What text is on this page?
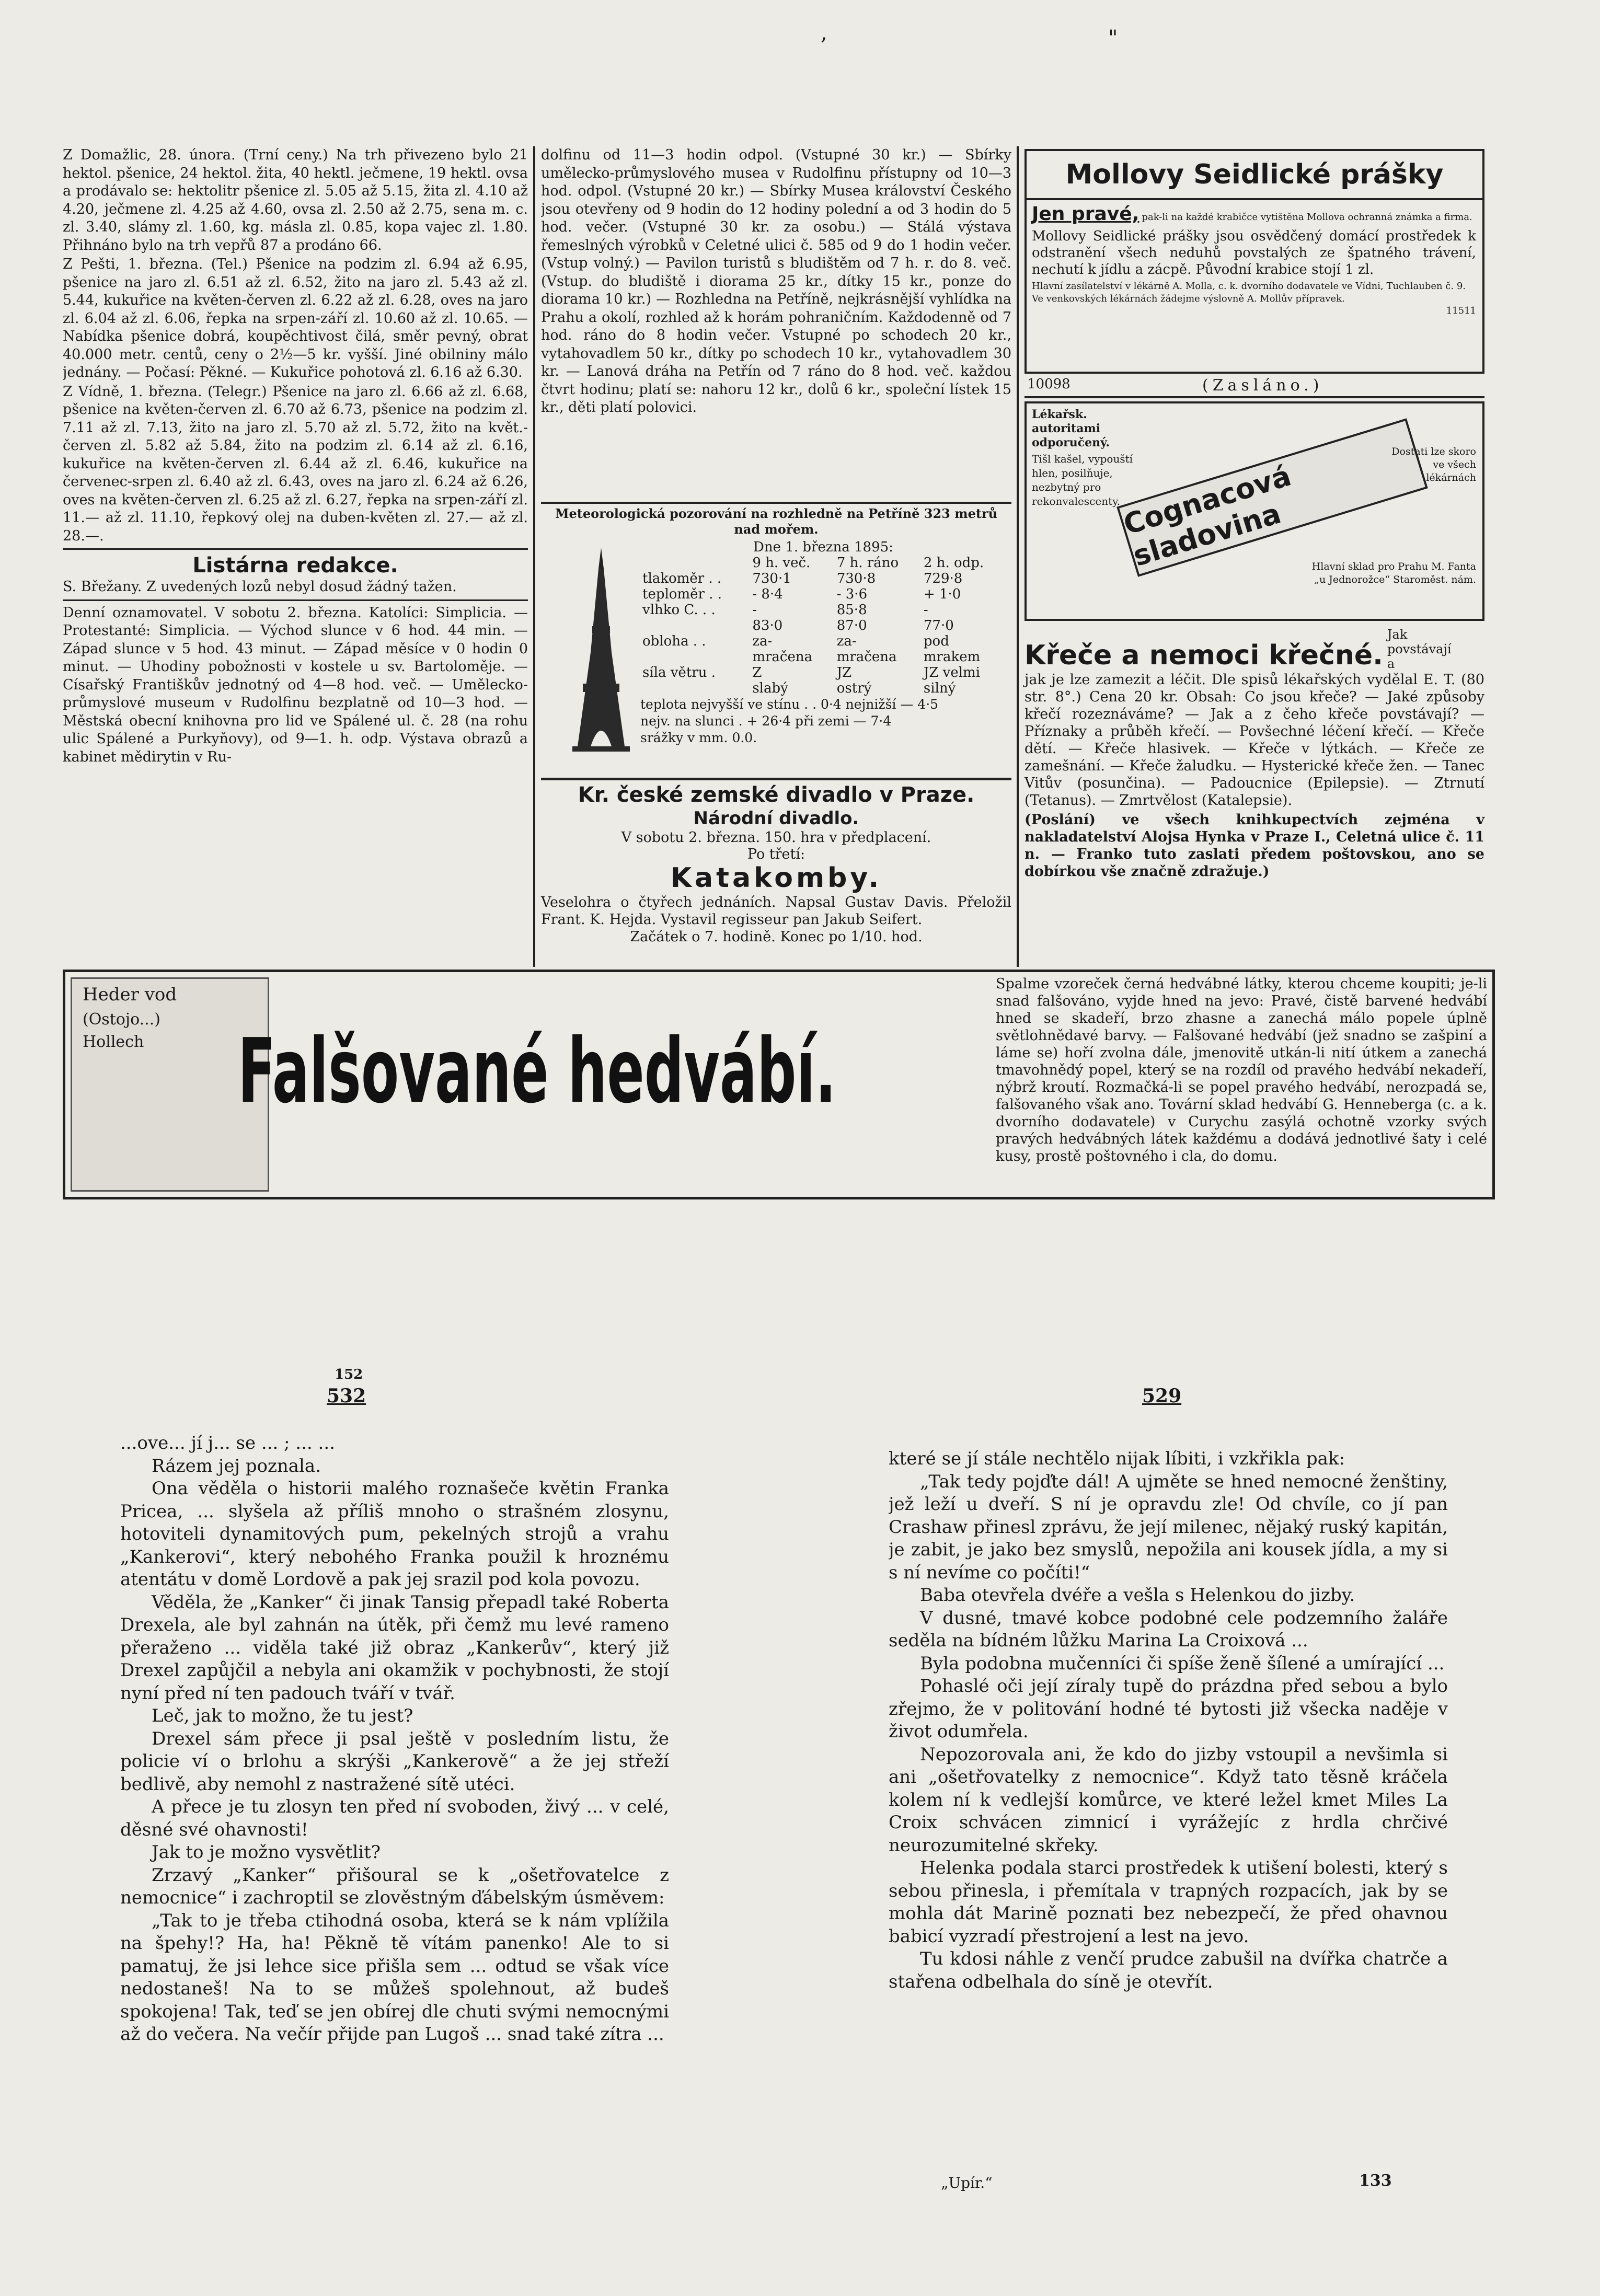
,	"

Z Domažlic, 28. února. (Trní ceny.) Na trh přivezeno bylo 21 hektol. pšenice, 24 hektol. žita, 40 hektl. ječmene, 19 hektl. ovsa a prodávalo se: hektolitr pšenice zl. 5.05 až 5.15, žita zl. 4.10 až 4.20, ječmene zl. 4.25 až 4.60, ovsa zl. 2.50 až 2.75, sena m. c. zl. 3.40, slámy zl. 1.60, kg. másla zl. 0.85, kopa vajec zl. 1.80. Přihnáno bylo na trh vepřů 87 a prodáno 66.

Z Pešti, 1. března. (Tel.) Pšenice na podzim zl. 6.94 až 6.95, pšenice na jaro zl. 6.51 až zl. 6.52, žito na jaro zl. 5.43 až zl. 5.44, kukuřice na květen-červen zl. 6.22 až zl. 6.28, oves na jaro zl. 6.04 až zl. 6.06, řepka na srpen-září zl. 10.60 až zl. 10.65. — Nabídka pšenice dobrá, koupěchtivost čilá, směr pevný, obrat 40.000 metr. centů, ceny o 2½—5 kr. vyšší. Jiné obilniny málo jednány. — Počasí: Pěkné. — Kukuřice pohotová zl. 6.16 až 6.30.

Z Vídně, 1. března. (Telegr.) Pšenice na jaro zl. 6.66 až zl. 6.68, pšenice na květen-červen zl. 6.70 až 6.73, pšenice na podzim zl. 7.11 až zl. 7.13, žito na jaro zl. 5.70 až zl. 5.72, žito na květ.-červen zl. 5.82 až 5.84, žito na podzim zl. 6.14 až zl. 6.16, kukuřice na květen-červen zl. 6.44 až zl. 6.46, kukuřice na červenec-srpen zl. 6.40 až zl. 6.43, oves na jaro zl. 6.24 až 6.26, oves na květen-červen zl. 6.25 až zl. 6.27, řepka na srpen-září zl. 11.— až zl. 11.10, řepkový olej na duben-květen zl. 27.— až zl. 28.—.

Listárna redakce.

S. Břežany. Z uvedených lozů nebyl dosud žádný tažen.

Denní oznamovatel. V sobotu 2. března. Katolíci: Simplicia. — Protestanté: Simplicia. — Východ slunce v 6 hod. 44 min. — Západ slunce v 5 hod. 43 minut. — Západ měsíce v 0 hodin 0 minut. — Uhodiny pobožnosti v kostele u sv. Bartoloměje. — Císařský Františkův jednotný od 4—8 hod. več. — Umělecko-průmyslové museum v Rudolfinu bezplatně od 10—3 hod. — Městská obecní knihovna pro lid ve Spálené ul. č. 28 (na rohu ulic Spálené a Purkyňovy), od 9—1. h. odp. Výstava obrazů a kabinet mědirytin v Ru-

dolfinu od 11—3 hodin odpol. (Vstupné 30 kr.) — Sbírky umělecko-průmyslového musea v Rudolfinu přístupny od 10—3 hod. odpol. (Vstupné 20 kr.) — Sbírky Musea království Českého jsou otevřeny od 9 hodin do 12 hodiny polední a od 3 hodin do 5 hod. večer. (Vstupné 30 kr. za osobu.) — Stálá výstava řemeslných výrobků v Celetné ulici č. 585 od 9 do 1 hodin večer. (Vstup volný.) — Pavilon turistů s bludištěm od 7 h. r. do 8. več. (Vstup. do bludiště i diorama 25 kr., dítky 15 kr., ponze do diorama 10 kr.) — Rozhledna na Petříně, nejkrásnější vyhlídka na Prahu a okolí, rozhled až k horám pohraničním. Každodenně od 7 hod. ráno do 8 hodin večer. Vstupné po schodech 20 kr., vytahovadlem 50 kr., dítky po schodech 10 kr., vytahovadlem 30 kr. — Lanová dráha na Petřín od 7 ráno do 8 hod. več. každou čtvrt hodinu; platí se: nahoru 12 kr., dolů 6 kr., společní lístek 15 kr., děti platí polovici.

Meteorologická pozorování na rozhledně na Petříně 323 metrů nad mořem.
Dne 1. března 1895:
	9 h. več.	7 h. ráno	2 h. odp.
tlakoměr . .	730·1	730·8	729·8
teploměr . .	- 8·4	- 3·6	+ 1·0
vlhko C. . .	-	85·8	-
	83·0	87·0	77·0
obloha . .	za-	za-	pod
	mračena	mračena	mrakem
síla větru .	Z	JZ	JZ velmi
	slabý	ostrý	silný
teplota nejvyšší ve stínu . . 0·4 nejnižší — 4·5
nejv. na slunci . + 26·4 při zemi — 7·4
srážky v mm. 0.0.
Kr. české zemské divadlo v Praze.
Národní divadlo.
V sobotu 2. března. 150. hra v předplacení.
Po třetí:
Katakomby.
Veselohra o čtyřech jednáních. Napsal Gustav Davis. Přeložil Frant. K. Hejda. Vystavil regisseur pan Jakub Seifert.
Začátek o 7. hodině. Konec po 1/10. hod.
Mollovy Seidlické prášky
Jen pravé, pak-li na každé krabičce vytištěna Mollova ochranná známka a firma.
Mollovy Seidlické prášky jsou osvědčený domácí prostředek k odstranění všech neduhů povstalých ze špatného trávení, nechutí k jídlu a zácpě. Původní krabice stojí 1 zl.
Hlavní zasílatelství v lékárně A. Molla, c. k. dvorního dodavatele ve Vídni, Tuchlauben č. 9. Ve venkovských lékárnách žádejme výslovně A. Mollův přípravek.
11511
10098	(Zasláno.)
Lékařsk. autoritami odporučený.
Tišl kašel, vypouští hlen, posilňuje, nezbytný pro rekonvalescenty.
Cognacová sladovina
Dostati lze skoro ve všech lékárnách
Hlavní sklad pro Prahu M. Fanta „u Jednorožce“ Staroměst. nám.
Křeče a nemoci křečné.
Jak povstávají a
jak je lze zamezit a léčit. Dle spisů lékařských vydělal E. T. (80 str. 8°.) Cena 20 kr. Obsah: Co jsou křeče? — Jaké způsoby křečí rozeznáváme? — Jak a z čeho křeče povstávají? — Příznaky a průběh křečí. — Povšechné léčení křečí. — Křeče dětí. — Křeče hlasivek. — Křeče v lýtkách. — Křeče ze zamešnání. — Křeče žaludku. — Hysterické křeče žen. — Tanec Vitův (posunčina). — Padoucnice (Epilepsie). — Ztrnutí (Tetanus). — Zmrtvělost (Katalepsie).
(Poslání) ve všech knihkupectvích zejména v nakladatelství Alojsa Hynka v Praze I., Celetná ulice č. 11 n. — Franko tuto zaslati předem poštovskou, ano se dobírkou vše značně zdražuje.)
Heder vod
(Ostojo...)
Hollech	Falšované hedvábí.
Spalme vzoreček černá hedvábné látky, kterou chceme koupiti; je-li snad falšováno, vyjde hned na jevo: Pravé, čistě barvené hedvábí hned se skadeří, brzo zhasne a zanechá málo popele úplně světlohnědavé barvy. — Falšované hedvábí (jež snadno se zašpiní a láme se) hoří zvolna dále, jmenovitě utkán-li nití útkem a zanechá tmavohnědý popel, který se na rozdíl od pravého hedvábí nekadeří, nýbrž kroutí. Rozmačká-li se popel pravého hedvábí, nerozpadá se, falšovaného však ano. Tovární sklad hedvábí G. Henneberga (c. a k. dvorního dodavatele) v Curychu zasýlá ochotně vzorky svých pravých hedvábných látek každému a dodává jednotlivé šaty i celé kusy, prostě poštovného i cla, do domu.
152
532	529

...ove... jí j... se ... ; ... ...

Rázem jej poznala.

Ona věděla o historii malého roznašeče květin Franka Priceа, ... slyšela až příliš mnoho o strašném zlosynu, hotoviteli dynamitových pum, pekelných strojů a vrahu „Kankerovi“, který nebohého Franka použil k hroznému atentátu v domě Lordově a pak jej srazil pod kola povozu.

Věděla, že „Kanker“ či jinak Tansig přepadl také Roberta Drexela, ale byl zahnán na útěk, při čemž mu levé rameno přeraženo ... viděla také již obraz „Kankerův“, který již Drexel zapůjčil a nebyla ani okamžik v pochybnosti, že stojí nyní před ní ten padouch tváří v tvář.

Leč, jak to možno, že tu jest?

Drexel sám přece ji psal ještě v posledním listu, že policie ví o brlohu a skrýši „Kankerově“ a že jej střeží bedlivě, aby nemohl z nastražené sítě utéci.

A přece je tu zlosyn ten před ní svoboden, živý ... v celé, děsné své ohavnosti!

Jak to je možno vysvětlit?

Zrzavý „Kanker“ přišoural se k „ošetřovatelce z nemocnice“ i zachroptil se zlověstným ďábelským úsměvem:

„Tak to je třeba ctihodná osoba, která se k nám vplížila na špehy!? Ha, ha! Pěkně tě vítám panenko! Ale to si pamatuj, že jsi lehce sice přišla sem ... odtud se však více nedostaneš! Na to se můžeš spolehnout, až budeš spokojena! Tak, teď se jen obírej dle chuti svými nemocnými až do večera. Na večír přijde pan Lugoš ... snad také zítra ...

které se jí stále nechtělo nijak líbiti, i vzkřikla pak:

„Tak tedy pojďte dál! A ujměte se hned nemocné ženštiny, jež leží u dveří. S ní je opravdu zle! Od chvíle, co jí pan Crashaw přinesl zprávu, že její milenec, nějaký ruský kapitán, je zabit, je jako bez smyslů, nepožila ani kousek jídla, a my si s ní nevíme co počíti!“

Baba otevřela dvéře a vešla s Helenkou do jizby.

V dusné, tmavé kobce podobné cele podzemního žaláře seděla na bídném lůžku Marina La Croixová ...

Byla podobna mučenníci či spíše ženě šílené a umírající ...

Pohaslé oči její zíraly tupě do prázdna před sebou a bylo zřejmo, že v politování hodné té bytosti již všecka naděje v život odumřela.

Nepozorovala ani, že kdo do jizby vstoupil a nevšimla si ani „ošetřovatelky z nemocnice“. Když tato těsně kráčela kolem ní k vedlejší komůrce, ve které ležel kmet Miles La Croix schvácen zimnicí i vyrážejíc z hrdla chrčivé neurozumitelné skřeky.

Helenka podala starci prostředek k utišení bolesti, který s sebou přinesla, i přemítala v trapných rozpacích, jak by se mohla dát Marině poznati bez nebezpečí, že před ohavnou babicí vyzradí přestrojení a lest na jevo.

Tu kdosi náhle z venčí prudce zabušil na dvířka chatrče a stařena odbelhala do síně je otevřít.

„Upír.“	133
